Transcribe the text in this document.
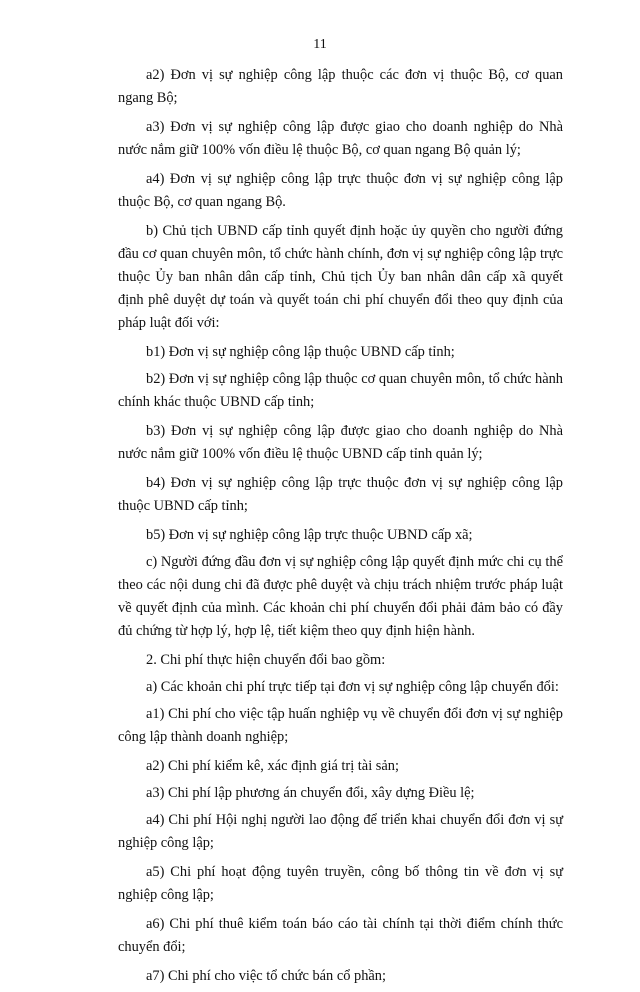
11

a2) Đơn vị sự nghiệp công lập thuộc các đơn vị thuộc Bộ, cơ quan ngang Bộ;

a3) Đơn vị sự nghiệp công lập được giao cho doanh nghiệp do Nhà nước nắm giữ 100% vốn điều lệ thuộc Bộ, cơ quan ngang Bộ quản lý;

a4) Đơn vị sự nghiệp công lập trực thuộc đơn vị sự nghiệp công lập thuộc Bộ, cơ quan ngang Bộ.

b) Chủ tịch UBND cấp tỉnh quyết định hoặc ủy quyền cho người đứng đầu cơ quan chuyên môn, tổ chức hành chính, đơn vị sự nghiệp công lập trực thuộc Ủy ban nhân dân cấp tỉnh, Chủ tịch Ủy ban nhân dân cấp xã quyết định phê duyệt dự toán và quyết toán chi phí chuyển đổi theo quy định của pháp luật đối với:

b1) Đơn vị sự nghiệp công lập thuộc UBND cấp tỉnh;

b2) Đơn vị sự nghiệp công lập thuộc cơ quan chuyên môn, tổ chức hành chính khác thuộc UBND cấp tỉnh;

b3) Đơn vị sự nghiệp công lập được giao cho doanh nghiệp do Nhà nước nắm giữ 100% vốn điều lệ thuộc UBND cấp tỉnh quản lý;

b4) Đơn vị sự nghiệp công lập trực thuộc đơn vị sự nghiệp công lập thuộc UBND cấp tỉnh;

b5) Đơn vị sự nghiệp công lập trực thuộc UBND cấp xã;

c) Người đứng đầu đơn vị sự nghiệp công lập quyết định mức chi cụ thể theo các nội dung chi đã được phê duyệt và chịu trách nhiệm trước pháp luật về quyết định của mình. Các khoản chi phí chuyển đổi phải đảm bảo có đầy đủ chứng từ hợp lý, hợp lệ, tiết kiệm theo quy định hiện hành.

2. Chi phí thực hiện chuyển đổi bao gồm:

a) Các khoản chi phí trực tiếp tại đơn vị sự nghiệp công lập chuyển đổi:

a1) Chi phí cho việc tập huấn nghiệp vụ về chuyển đổi đơn vị sự nghiệp công lập thành doanh nghiệp;

a2) Chi phí kiểm kê, xác định giá trị tài sản;

a3) Chi phí lập phương án chuyển đổi, xây dựng Điều lệ;

a4) Chi phí Hội nghị người lao động để triển khai chuyển đổi đơn vị sự nghiệp công lập;

a5) Chi phí hoạt động tuyên truyền, công bố thông tin về đơn vị sự nghiệp công lập;

a6) Chi phí thuê kiểm toán báo cáo tài chính tại thời điểm chính thức chuyển đổi;

a7) Chi phí cho việc tổ chức bán cổ phần;
